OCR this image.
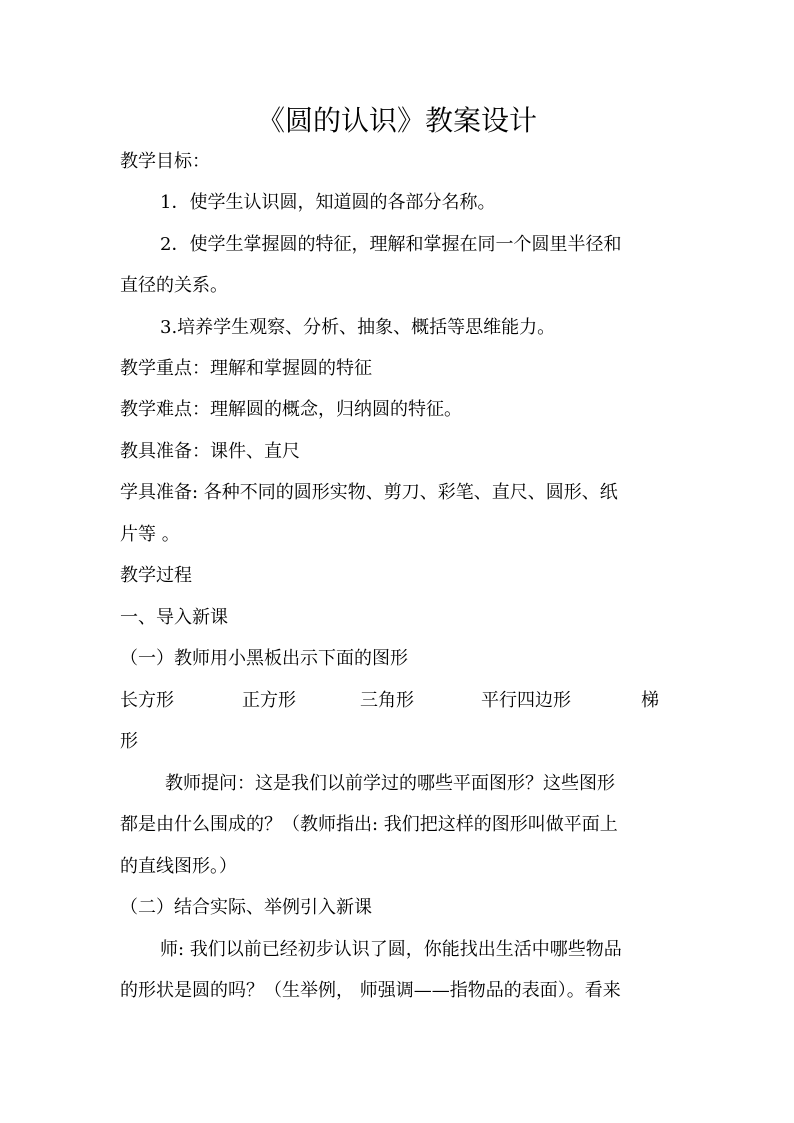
《圆的认识》教案设计
教学目标：
1．使学生认识圆，知道圆的各部分名称。
2．使学生掌握圆的特征，理解和掌握在同一个圆里半径和
直径的关系。
3.培养学生观察、分析、抽象、概括等思维能力。
教学重点：理解和掌握圆的特征
教学难点：理解圆的概念，归纳圆的特征。
教具准备：课件、直尺
学具准备: 各种不同的圆形实物、剪刀、彩笔、直尺、圆形、纸
片等 。
教学过程
一、导入新课
（一）教师用小黑板出示下面的图形
长方形	正方形	三角形	平行四边形	梯
形
教师提问：这是我们以前学过的哪些平面图形？这些图形
都是由什么围成的？（教师指出: 我们把这样的图形叫做平面上
的直线图形。）
（二）结合实际、举例引入新课
师: 我们以前已经初步认识了圆，你能找出生活中哪些物品
的形状是圆的吗？（生举例， 师强调——指物品的表面）。看来
